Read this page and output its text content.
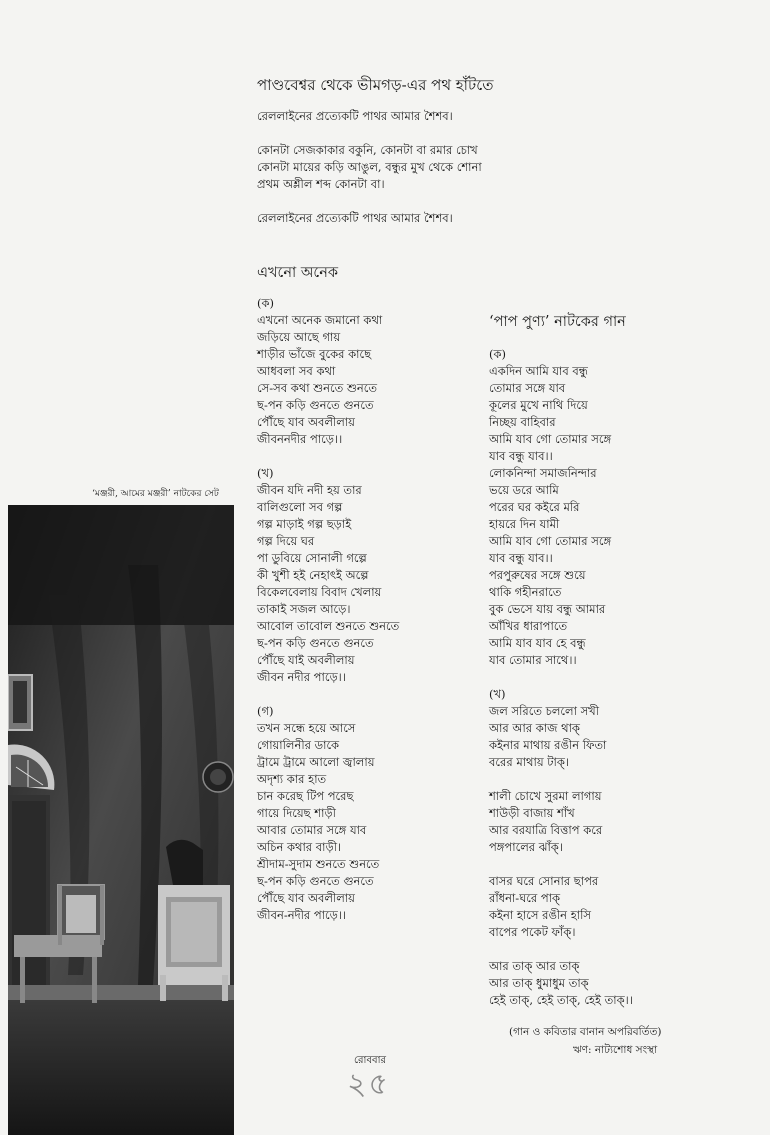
‘মঞ্জরী, আমের মঞ্জরী’ নাটকের সেট
পাণ্ডবেশ্বর থেকে ভীমগড়-এর পথ হাঁটতে
রেললাইনের প্রত্যেকটি পাথর আমার শৈশব।
কোনটা সেজকাকার বকুনি, কোনটা বা রমার চোখ
কোনটা মায়ের কড়ি আঙুল, বন্ধুর মুখ থেকে শোনা
প্রথম অশ্লীল শব্দ কোনটা বা।
রেললাইনের প্রত্যেকটি পাথর আমার শৈশব।
এখনো অনেক
(ক)
এখনো অনেক জমানো কথা
জড়িয়ে আছে গায়
শাড়ীর ভাঁজে বুকের কাছে
আধবলা সব কথা
সে-সব কথা শুনতে শুনতে
ছ-পন কড়ি গুনতে গুনতে
পৌঁছে যাব অবলীলায়
জীবননদীর পাড়ে।।
(খ)
জীবন যদি নদী হয় তার
বালিগুলো সব গল্প
গল্প মাড়াই গল্প ছড়াই
গল্প দিয়ে ঘর
পা ডুবিয়ে সোনালী গল্পে
কী খুশী হই নেহাৎই অল্পে
বিকেলবেলায় বিবাদ খেলায়
তাকাই সজল আড়ে।
আবোল তাবোল শুনতে শুনতে
ছ-পন কড়ি গুনতে গুনতে
পৌঁছে যাই অবলীলায়
জীবন নদীর পাড়ে।।
(গ)
তখন সন্ধে হয়ে আসে
গোয়ালিনীর ডাকে
ট্রামে ট্রামে আলো জ্বালায়
অদৃশ্য কার হাত
চান করেছ টিপ পরেছ
গায়ে দিয়েছ শাড়ী
আবার তোমার সঙ্গে যাব
অচিন কথার বাড়ী।
শ্রীদাম-সুদাম শুনতে শুনতে
ছ-পন কড়ি গুনতে গুনতে
পৌঁছে যাব অবলীলায়
জীবন-নদীর পাড়ে।।
‘পাপ পুণ্য’ নাটকের গান
(ক)
একদিন আমি যাব বন্ধু
তোমার সঙ্গে যাব
কূলের মুখে নাথি দিয়ে
নিচ্ছয় বাহিবার
আমি যাব গো তোমার সঙ্গে
যাব বন্ধু যাব।।
লোকনিন্দা সমাজনিন্দার
ভয়ে ডরে আমি
পরের ঘর কইরে মরি
হায়রে দিন যামী
আমি যাব গো তোমার সঙ্গে
যাব বন্ধু যাব।।
পরপুরুষের সঙ্গে শুয়ে
থাকি গহীনরাতে
বুক ভেসে যায় বন্ধু আমার
আঁখির ধারাপাতে
আমি যাব যাব হে বন্ধু
যাব তোমার সাথে।।
(খ)
জল সরিতে চললো সখী
আর আর কাজ থাক্
কইনার মাথায় রঙীন ফিতা
বরের মাথায় টাক্।
শালী চোখে সুরমা লাগায়
শাউড়ী বাজায় শাঁখ
আর বরযাত্রি বিত্তাপ করে
পঙ্গপালের ঝাঁক্।
বাসর ঘরে সোনার ছাপর
রাঁধনা-ঘরে পাক্
কইনা হাসে রঙীন হাসি
বাপের পকেট ফাঁক্।
আর তাক্ আর তাক্
আর তাক্ ধুমাধুম তাক্
হেই তাক্, হেই তাক্, হেই তাক্।।
(গান ও কবিতার বানান অপরিবর্তিত)
ঋণ: নাট্যশোধ সংস্থা
রোববার
২৫
